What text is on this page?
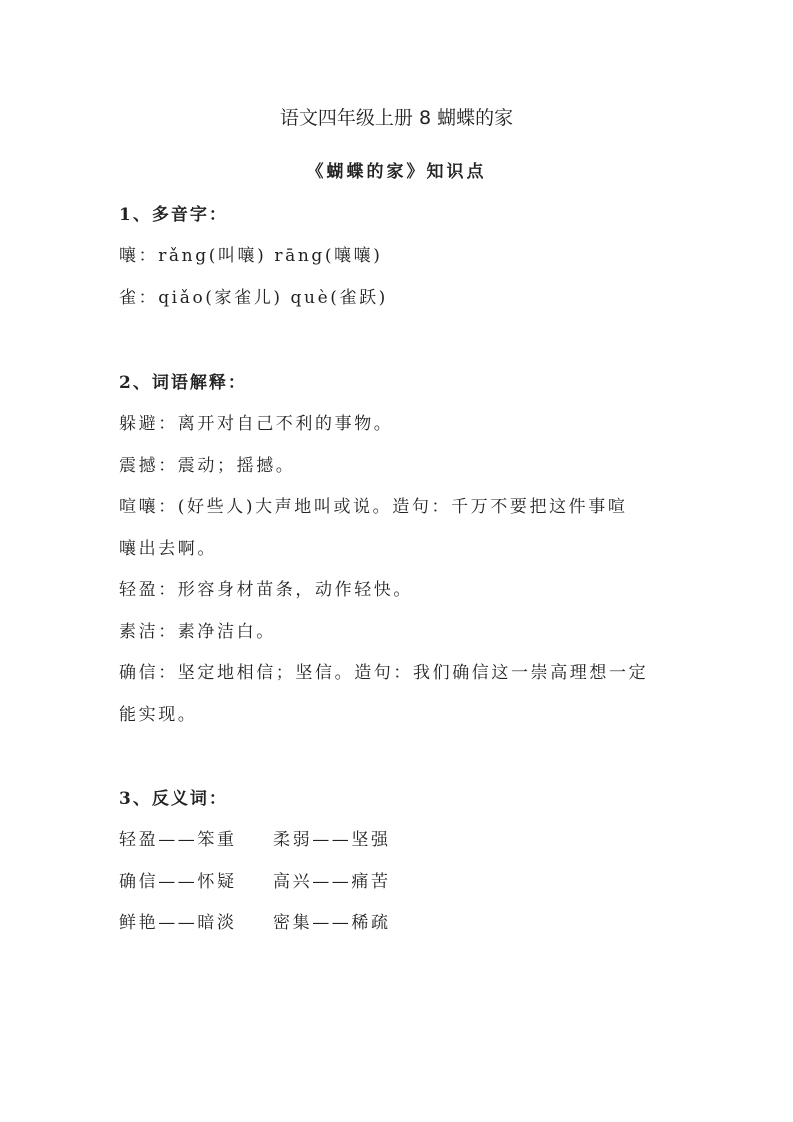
语文四年级上册 8 蝴蝶的家
《蝴蝶的家》知识点
1、多音字：
嚷：rǎng(叫嚷) rāng(嚷嚷)
雀：qiǎo(家雀儿) què(雀跃)
2、词语解释：
躲避：离开对自己不利的事物。
震撼：震动；摇撼。
喧嚷：(好些人)大声地叫或说。造句：千万不要把这件事喧
嚷出去啊。
轻盈：形容身材苗条，动作轻快。
素洁：素净洁白。
确信：坚定地相信；坚信。造句：我们确信这一崇高理想一定
能实现。
3、反义词：
轻盈——笨重 柔弱——坚强
确信——怀疑 高兴——痛苦
鲜艳——暗淡 密集——稀疏
